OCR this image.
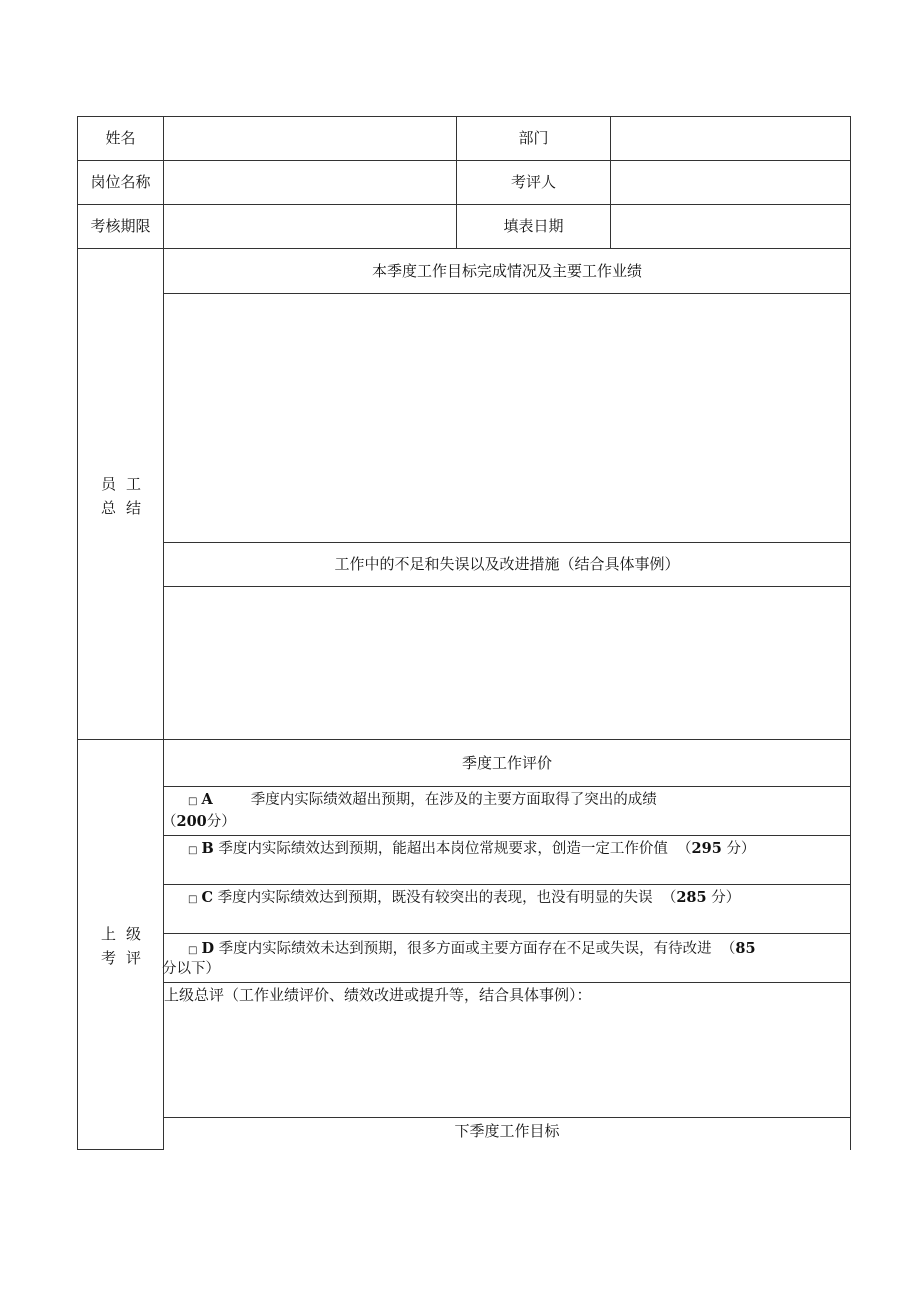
姓名	部门
岗位名称	考评人
考核期限	填表日期
员工
总结
本季度工作目标完成情况及主要工作业绩
工作中的不足和失误以及改进措施（结合具体事例）
上级
考评
季度工作评价
□ A	季度内实际绩效超出预期，在涉及的主要方面取得了突出的成绩
（200分）
□ B 季度内实际绩效达到预期，能超出本岗位常规要求，创造一定工作价值 （295 分）
□ C 季度内实际绩效达到预期，既没有较突出的表现，也没有明显的失误 （285 分）
□ D 季度内实际绩效未达到预期，很多方面或主要方面存在不足或失误，有待改进 （85
分以下）
上级总评（工作业绩评价、绩效改进或提升等，结合具体事例）：
下季度工作目标
